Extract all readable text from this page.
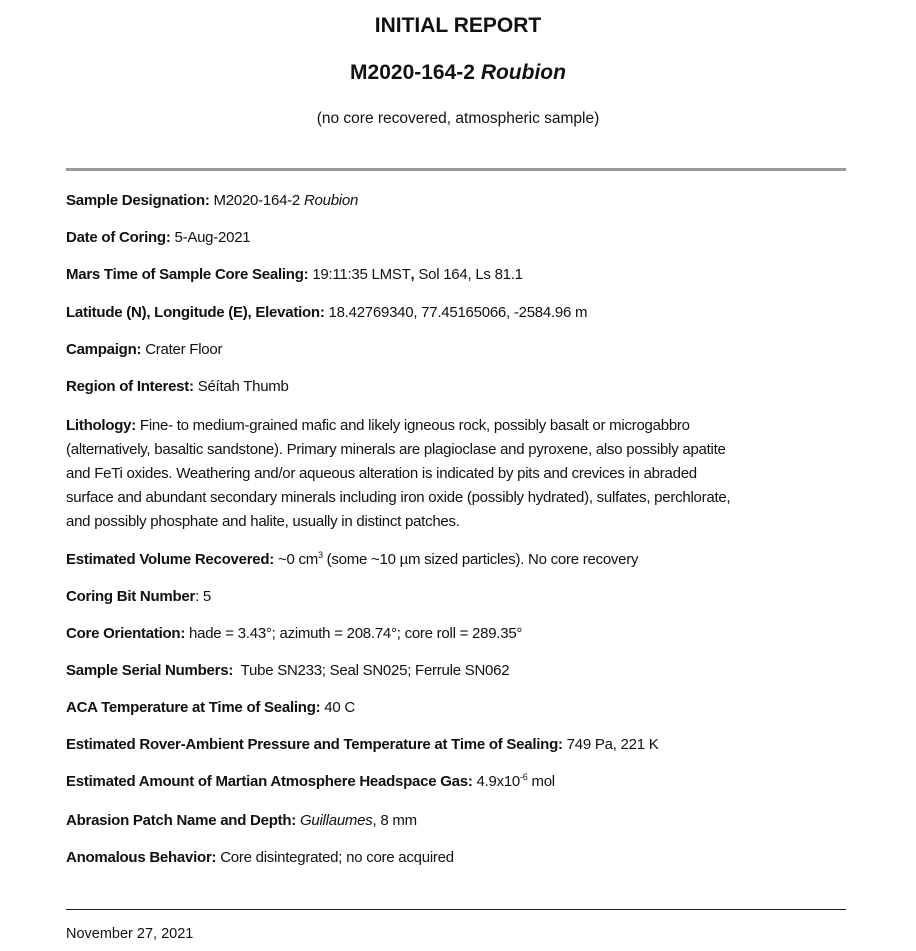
INITIAL REPORT
M2020-164-2 Roubion
(no core recovered, atmospheric sample)
Sample Designation: M2020-164-2 Roubion
Date of Coring: 5-Aug-2021
Mars Time of Sample Core Sealing: 19:11:35 LMST, Sol 164, Ls 81.1
Latitude (N), Longitude (E), Elevation: 18.42769340, 77.45165066, -2584.96 m
Campaign: Crater Floor
Region of Interest: Séítah Thumb
Lithology: Fine- to medium-grained mafic and likely igneous rock, possibly basalt or microgabbro
(alternatively, basaltic sandstone). Primary minerals are plagioclase and pyroxene, also possibly apatite
and FeTi oxides. Weathering and/or aqueous alteration is indicated by pits and crevices in abraded
surface and abundant secondary minerals including iron oxide (possibly hydrated), sulfates, perchlorate,
and possibly phosphate and halite, usually in distinct patches.
Estimated Volume Recovered: ~0 $cm^3$ (some ~10 µm sized particles). No core recovery
Coring Bit Number: 5
Core Orientation: hade = 3.43°; azimuth = 208.74°; core roll = 289.35°
Sample Serial Numbers: Tube SN233; Seal SN025; Ferrule SN062
ACA Temperature at Time of Sealing: 40 C
Estimated Rover-Ambient Pressure and Temperature at Time of Sealing: 749 Pa, 221 K
Estimated Amount of Martian Atmosphere Headspace Gas: $4.9x10^{-6}$ mol
Abrasion Patch Name and Depth: Guillaumes, 8 mm
Anomalous Behavior: Core disintegrated; no core acquired
November 27, 2021
